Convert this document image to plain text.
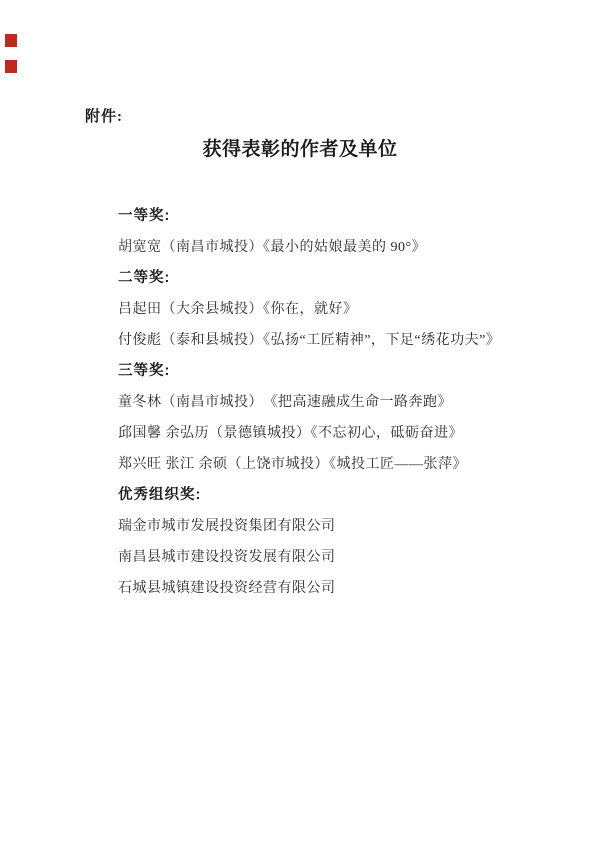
附件:
获得表彰的作者及单位

一等奖:

胡宽宽（南昌市城投）《最小的姑娘最美的 90°》

二等奖:

吕起田（大余县城投）《你在，就好》

付俊彪（泰和县城投）《弘扬“工匠精神”，下足“绣花功夫”》

三等奖:

童冬林（南昌市城投）　《把高速融成生命一路奔跑》

邱国馨 余弘历（景德镇城投）《不忘初心，砥砺奋进》

郑兴旺 张江 余硕（上饶市城投）《城投工匠——张萍》

优秀组织奖:

瑞金市城市发展投资集团有限公司

南昌县城市建设投资发展有限公司

石城县城镇建设投资经营有限公司
